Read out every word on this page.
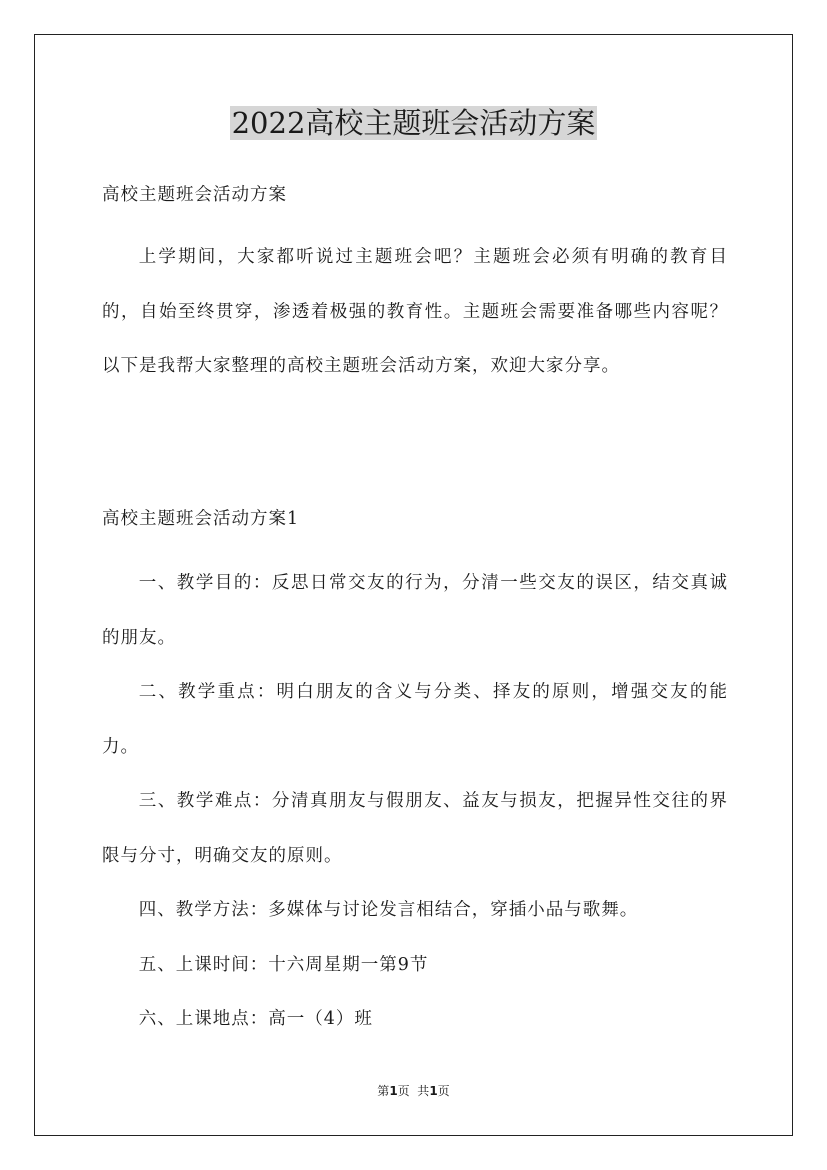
2022高校主题班会活动方案
高校主题班会活动方案
上学期间，大家都听说过主题班会吧？主题班会必须有明确的教育目的，自始至终贯穿，渗透着极强的教育性。主题班会需要准备哪些内容呢？以下是我帮大家整理的高校主题班会活动方案，欢迎大家分享。
高校主题班会活动方案1

一、教学目的：反思日常交友的行为，分清一些交友的误区，结交真诚的朋友。

二、教学重点：明白朋友的含义与分类、择友的原则，增强交友的能力。

三、教学难点：分清真朋友与假朋友、益友与损友，把握异性交往的界限与分寸，明确交友的原则。

四、教学方法：多媒体与讨论发言相结合，穿插小品与歌舞。

五、上课时间：十六周星期一第9节

六、上课地点：高一（4）班

第1页  共1页
